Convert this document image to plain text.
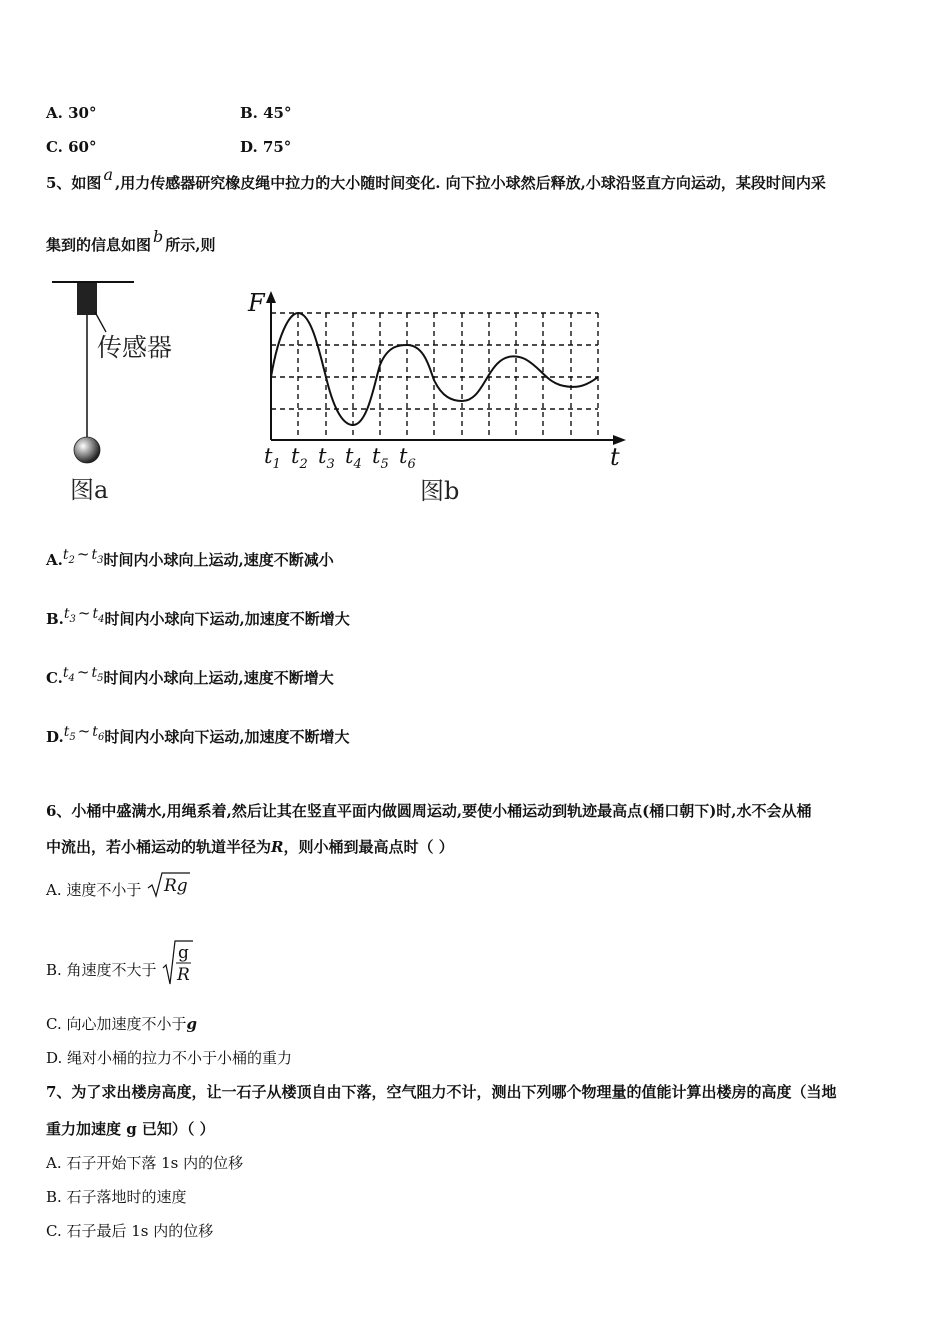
A. 30°	B. 45°
C. 60°	D. 75°
5、如图 a ,用力传感器研究橡皮绳中拉力的大小随时间变化. 向下拉小球然后释放,小球沿竖直方向运动，某段时间内采
集到的信息如图 b 所示,则
传感器
图a
F
t
$t_1$ $t_2$ $t_3$ $t_4$ $t_5$ $t_6$
图b
$A.t_2$ ~ $t_3$时间内小球向上运动,速度不断减小
$B.t_3$ ~ $t_4$时间内小球向下运动,加速度不断增大
$C.t_4$ ~ $t_5$时间内小球向上运动,速度不断增大
$D.t_5$ ~ $t_6$时间内小球向下运动,加速度不断增大
6、小桶中盛满水,用绳系着,然后让其在竖直平面内做圆周运动,要使小桶运动到轨迹最高点(桶口朝下)时,水不会从桶
中流出，若小桶运动的轨道半径为R，则小桶到最高点时（ ）
A. 速度不小于 Rg
B. 角速度不大于
g
R
C. 向心加速度不小于g
D. 绳对小桶的拉力不小于小桶的重力
7、为了求出楼房高度，让一石子从楼顶自由下落，空气阻力不计，测出下列哪个物理量的值能计算出楼房的高度（当地
重力加速度 g 已知）（ ）
A. 石子开始下落 1s 内的位移
B. 石子落地时的速度
C. 石子最后 1s 内的位移
